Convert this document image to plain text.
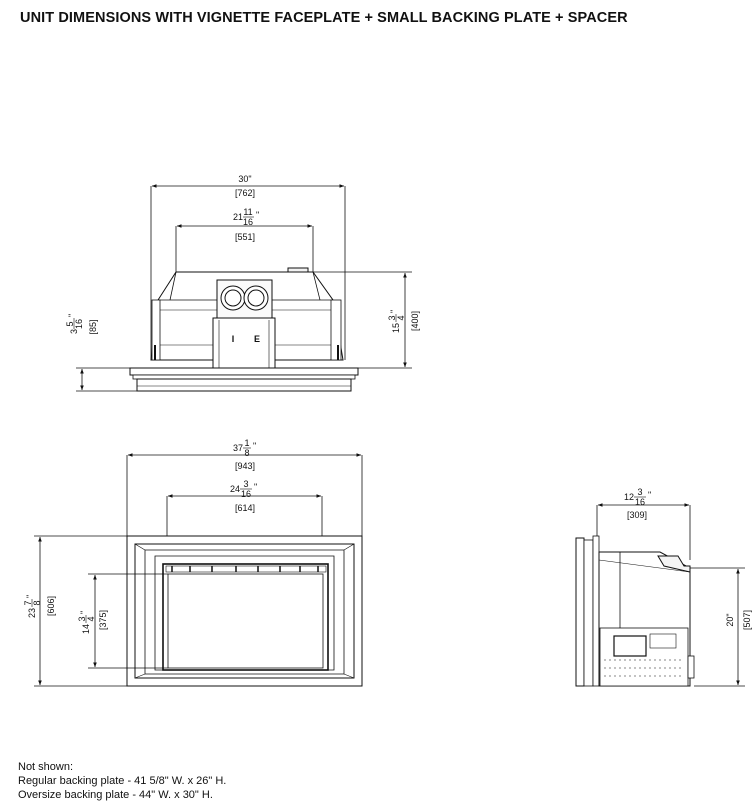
UNIT DIMENSIONS WITH VIGNETTE FACEPLATE + SMALL BACKING PLATE + SPACER
30"
[762]
21 11
16
"
[551]
15
3 4
" [400]
3
5 16
"
[85]
I E
37 1
8
"
[943]
24 3
16
"
[614]
23
7 8
" [606]
14
3 4
" [375]
12 3
16
"
[309]
20" [507]
Not shown:
Regular backing plate - 41 5/8" W. x 26" H.
Oversize backing plate - 44" W. x 30" H.
